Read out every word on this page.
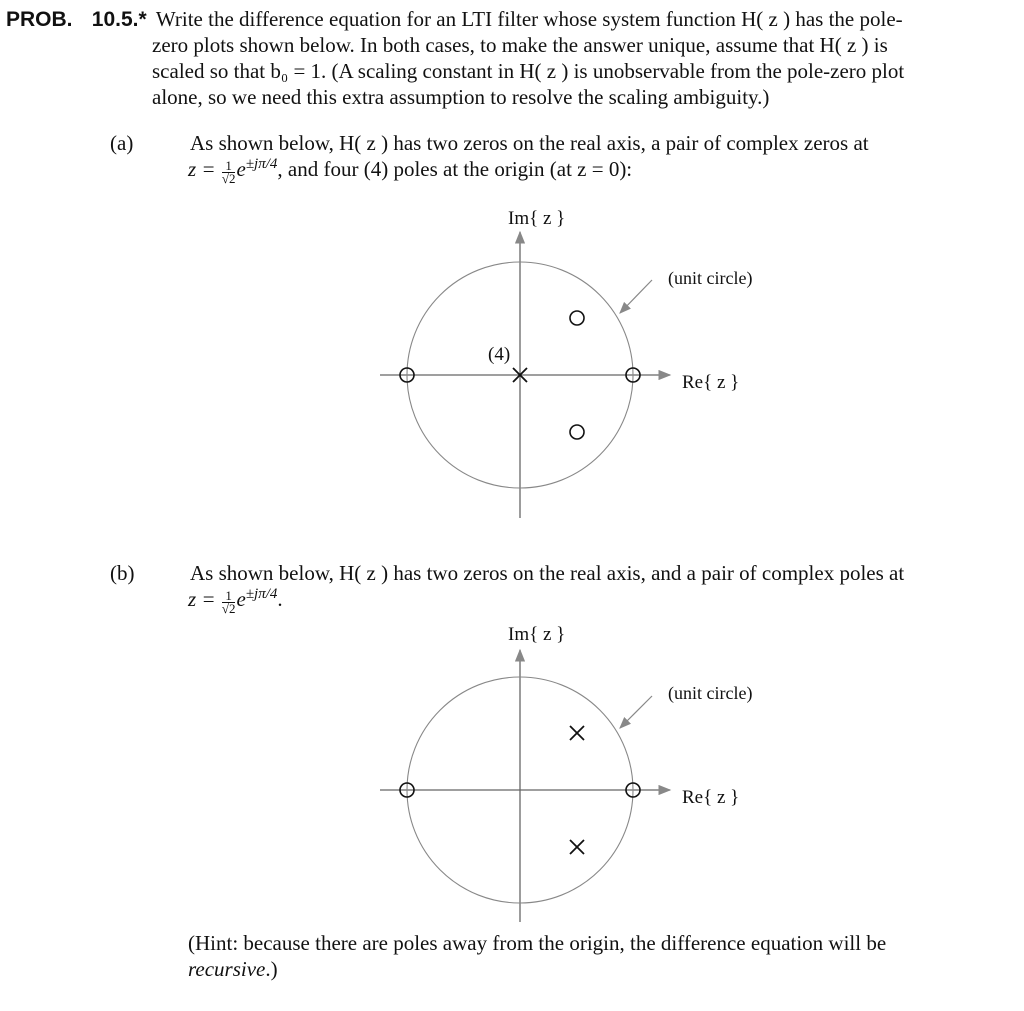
PROB. 10.5.* Write the difference equation for an LTI filter whose system function H( z ) has the pole-
zero plots shown below. In both cases, to make the answer unique, assume that H( z ) is
scaled so that b₀ = 1. (A scaling constant in H( z ) is unobservable from the pole-zero plot
alone, so we need this extra assumption to resolve the scaling ambiguity.)
(a)	As shown below, H( z ) has two zeros on the real axis, a pair of complex zeros at
$z = \frac{1}{√2} e^{\pm j\pi/4}$, and four (4) poles at the origin (at z = 0):
Im{ z }
Re{ z }
(unit circle)
(4)
(b)	As shown below, H( z ) has two zeros on the real axis, and a pair of complex poles at
$z = \frac{1}{√2} e^{\pm j\pi/4}$.
Im{ z }
Re{ z }
(unit circle)
(Hint: because there are poles away from the origin, the difference equation will be
recursive.)
